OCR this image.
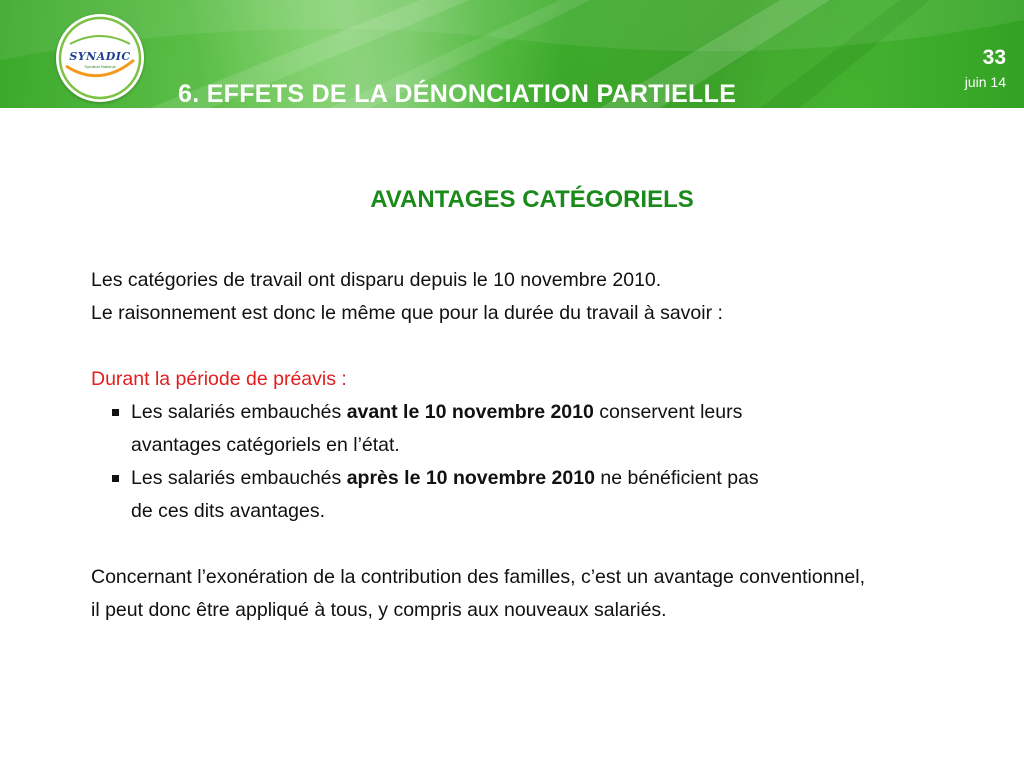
SYNADIC
Syndicat National
6. EFFETS DE LA DÉNONCIATION PARTIELLE
33
juin 14
AVANTAGES CATÉGORIELS
Les catégories de travail ont disparu depuis le 10 novembre 2010.
Le raisonnement est donc le même que pour la durée du travail à savoir :
Durant la période de préavis :
Les salariés embauchés avant le 10 novembre 2010 conservent leurs
avantages catégoriels en l’état.
Les salariés embauchés après le 10 novembre 2010 ne bénéficient pas
de ces dits avantages.
Concernant l’exonération de la contribution des familles, c’est un avantage conventionnel,
il peut donc être appliqué à tous, y compris aux nouveaux salariés.
